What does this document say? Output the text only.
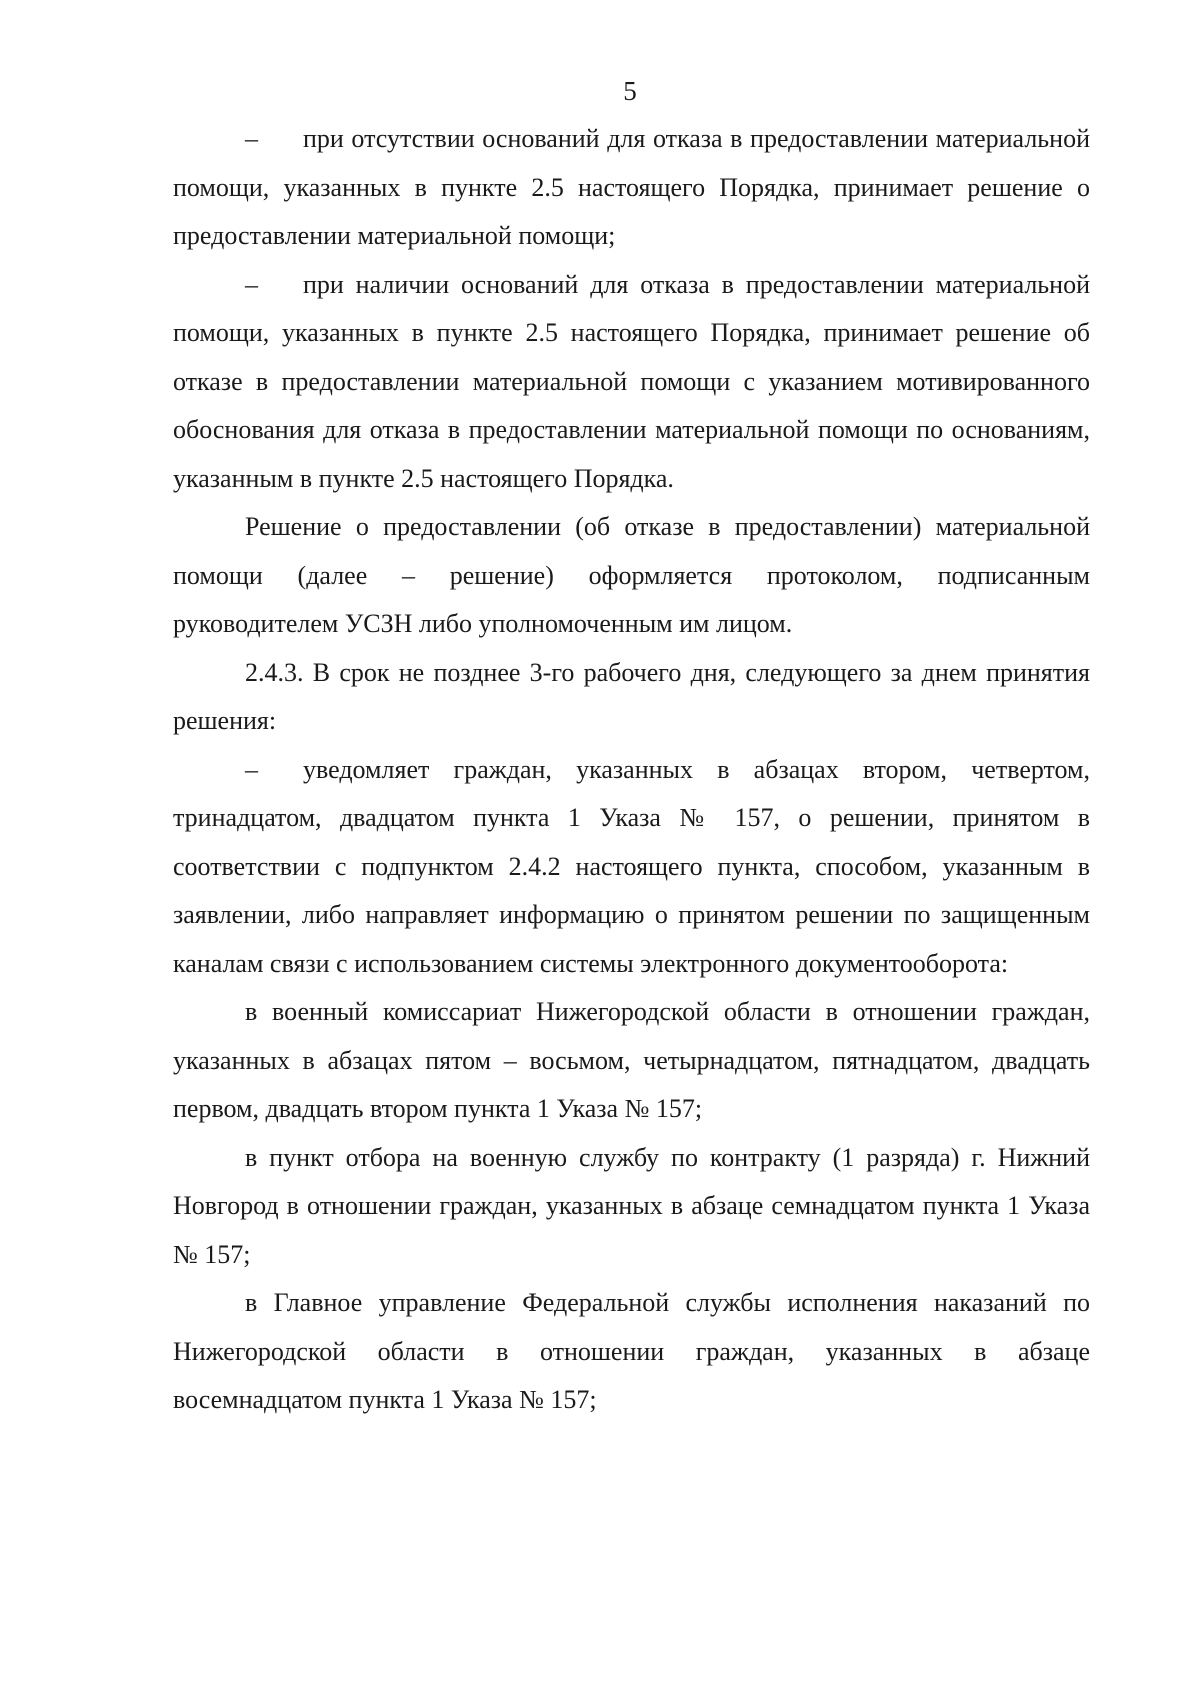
5

– при отсутствии оснований для отказа в предоставлении материальной помощи, указанных в пункте 2.5 настоящего Порядка, принимает решение о предоставлении материальной помощи;

– при наличии оснований для отказа в предоставлении материальной помощи, указанных в пункте 2.5 настоящего Порядка, принимает решение об отказе в предоставлении материальной помощи с указанием мотивированного обоснования для отказа в предоставлении материальной помощи по основаниям, указанным в пункте 2.5 настоящего Порядка.

Решение о предоставлении (об отказе в предоставлении) материальной помощи (далее – решение) оформляется протоколом, подписанным руководителем УСЗН либо уполномоченным им лицом.

2.4.3. В срок не позднее 3-го рабочего дня, следующего за днем принятия решения:

– уведомляет граждан, указанных в абзацах втором, четвертом, тринадцатом, двадцатом пункта 1 Указа № 157, о решении, принятом в соответствии с подпунктом 2.4.2 настоящего пункта, способом, указанным в заявлении, либо направляет информацию о принятом решении по защищенным каналам связи с использованием системы электронного документооборота:

в военный комиссариат Нижегородской области в отношении граждан, указанных в абзацах пятом – восьмом, четырнадцатом, пятнадцатом, двадцать первом, двадцать втором пункта 1 Указа № 157;

в пункт отбора на военную службу по контракту (1 разряда) г. Нижний Новгород в отношении граждан, указанных в абзаце семнадцатом пункта 1 Указа № 157;

в Главное управление Федеральной службы исполнения наказаний по Нижегородской области в отношении граждан, указанных в абзаце восемнадцатом пункта 1 Указа № 157;
